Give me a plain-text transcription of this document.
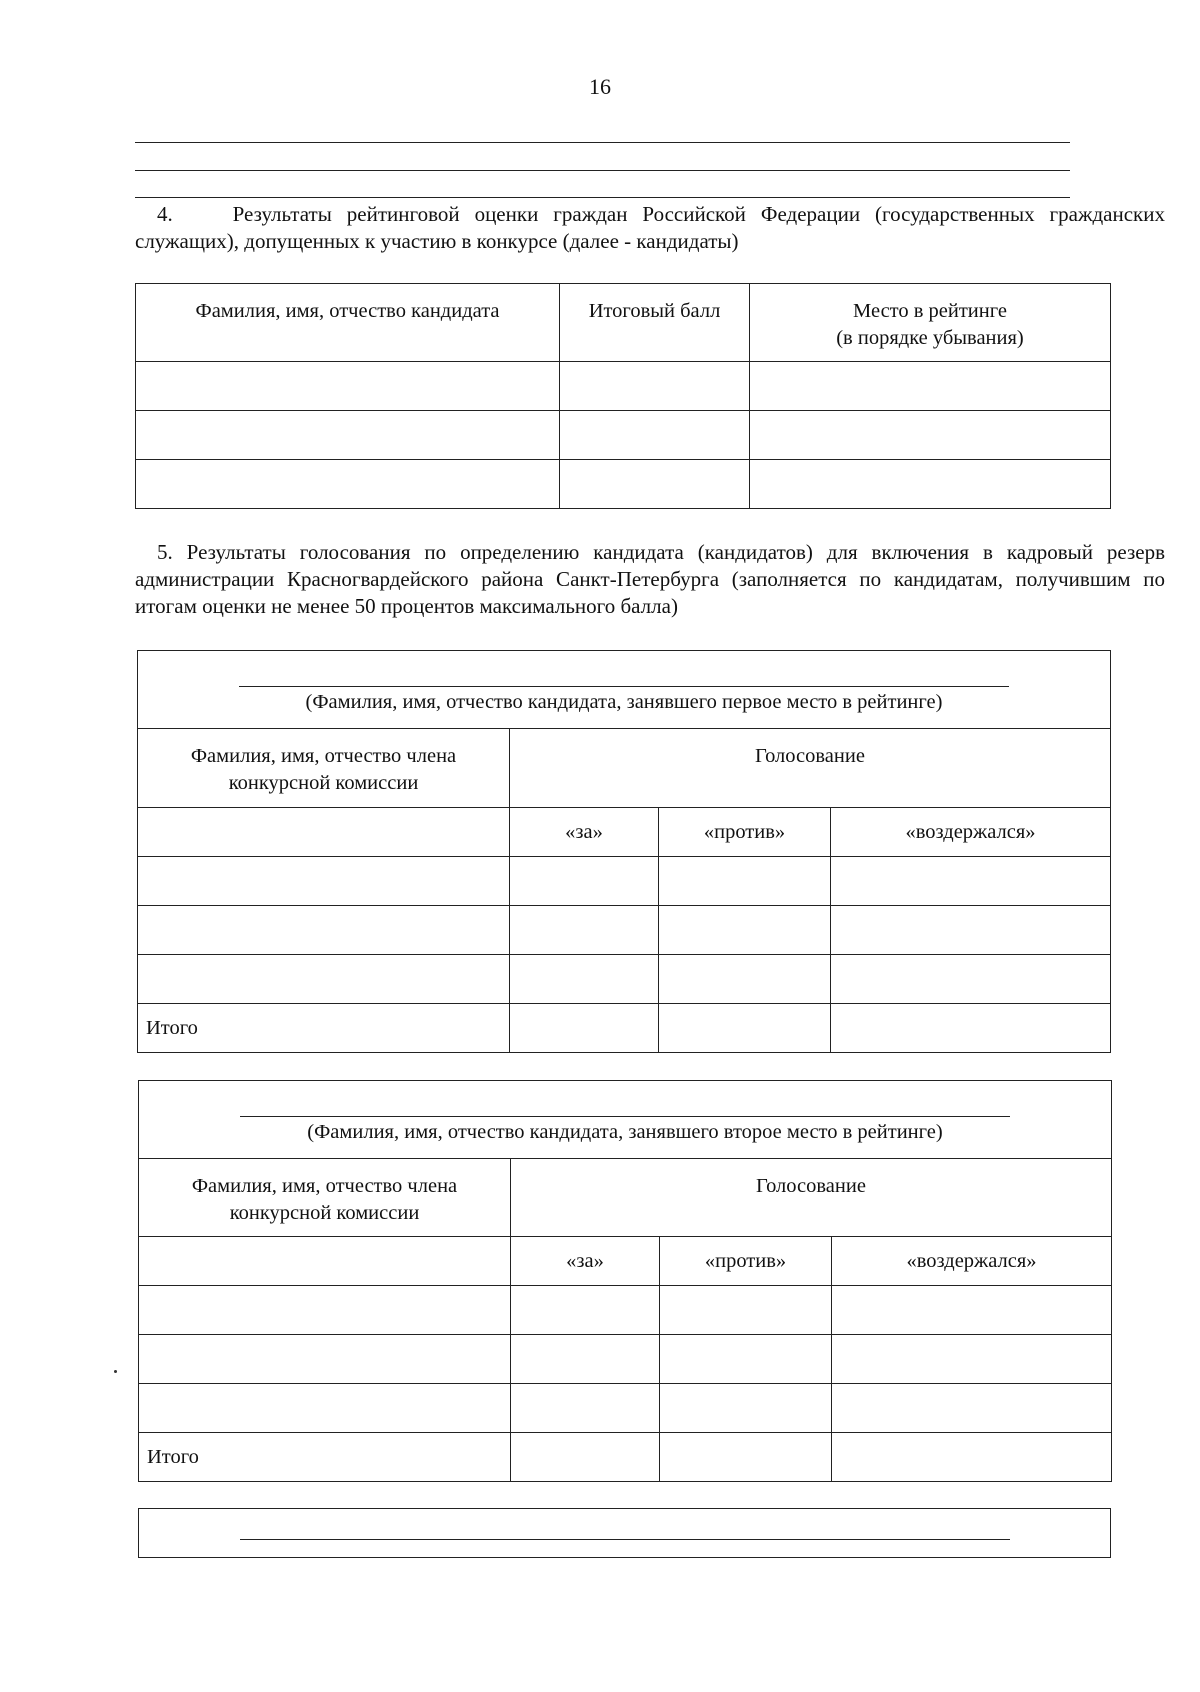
16
4.	Результаты рейтинговой оценки граждан Российской Федерации (государственных гражданских служащих), допущенных к участию в конкурсе (далее - кандидаты)
Фамилия, имя, отчество кандидата	Итоговый балл	Место в рейтинге
(в порядке убывания)

5. Результаты голосования по определению кандидата (кандидатов) для включения в кадровый резерв администрации Красногвардейского района Санкт-Петербурга (заполняется по кандидатам, получившим по итогам оценки не менее 50 процентов максимального балла)
(Фамилия, имя, отчество кандидата, занявшего первое место в рейтинге)			

Фамилия, имя, отчество члена
конкурсной комиссии	Голосование		
	«за»	«против»	«воздержался»

Итого			
(Фамилия, имя, отчество кандидата, занявшего второе место в рейтинге)			

Фамилия, имя, отчество члена
конкурсной комиссии	Голосование		
	«за»	«против»	«воздержался»

Итого			
